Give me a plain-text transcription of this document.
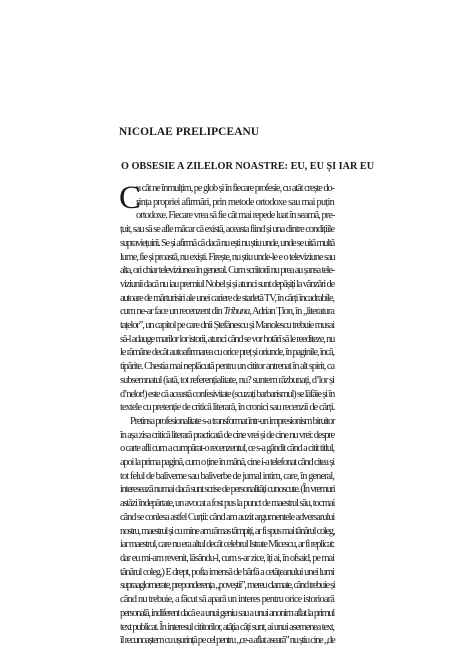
NICOLAE PRELIPCEANU
O OBSESIE A ZILELOR NOASTRE: EU, EU ȘI IAR EU
C
u cât ne înmulțim, pe glob și în fiecare profesie, cu atât crește do-
rința propriei afirmări, prin metode ortodoxe sau mai puțin
ortodoxe. Fiecare vrea să fie cât mai repede luat în seamă, pre-
țuit, sau să se afle măcar că există, aceasta fiind și una dintre condițiile
supraviețuirii. Se și afirmă că dacă nu ești nu știu unde, unde se uită multă
lume, fie și proastă, nu exiști. Firește, nu știu unde-le e o televiziune sau
alta, ori chiar televiziunea în general. Cum scriitorii nu prea au șansa tele-
viziunii dacă nu iau premiul Nobel și și atunci sunt depășiți la vânzări de
autoare de mărturisiri ale unei cariere de starletă TV, în cărți încadrabile,
cum ne-ar face un recenzent din Tribuna, Adrian Țion, în „literatura
tațelor”, un capitol pe care dnii Ștefănescu și Manolescu trebuie musai
să-l adauge marilor lor istorii, atunci când se vor hotărî să le reediteze, nu
le rămâne decât autoafirmarea cu orice preț și oriunde, în paginile, încă,
tipărite. Chestia mai neplăcută pentru un cititor antrenat în alt spirit, ca
subsemnatul (iată, tot referențialitate, nu? suntem răzbunați, d’lor și
d’nelor!) este că această confesivitate (scuzați barbarismul) se lăfăie și în
textele cu pretenție de critică literară, în cronici sau recenzii de cărți.
Pretinsa profesionalitate s-a transformat într-un impresionism biruitor
în așa zisa critică literară practicată de cine vrei și de cine nu vrei: despre
o carte afli cum a cumpărat-o recenzentul, ce s-a gândit când a citit titlul,
apoi la prima pagină, cum o ține în mână, cine i-a telefonat când citea și
tot felul de baliverne sau baliverbe de jurnal intim, care, în general,
interesează numai dacă sunt scrise de personalități cunoscute. (În vremuri
astăzi îndepărtate, un avocat a fost pus la punct de maestrul său, tocmai
când se conlesa astfel Curții: când am auzit argumentele adversarului
nostru, maestrul și cu mine am rămas tâmpiți, ar fi spus mai tânărul coleg,
iar maestrul, care nu era altul decât celebrul Istrate Micescu, ar fi replicat:
dar eu mi-am revenit, lăsându-l, cum s-ar zice, îți ai, în ofsaid, pe mai
tânărul coleg.) E drept, pofta imensă de bârfă a cetățeanului unei lumi
supraaglomerate, preponderența „poveștii”, mereu clamate, când trebuie și
când nu trebuie, a făcut să apară un interes pentru orice istorioară
personală, indiferent dacă e a unui geniu sau a unui anonim aflat la primul
text publicat. În interesul cititorilor, atâția câți sunt, ai unui asemenea text,
îl recunoaștem cu ușurință pe cel pentru „ce-a aflat aseară” nu știu cine „de
